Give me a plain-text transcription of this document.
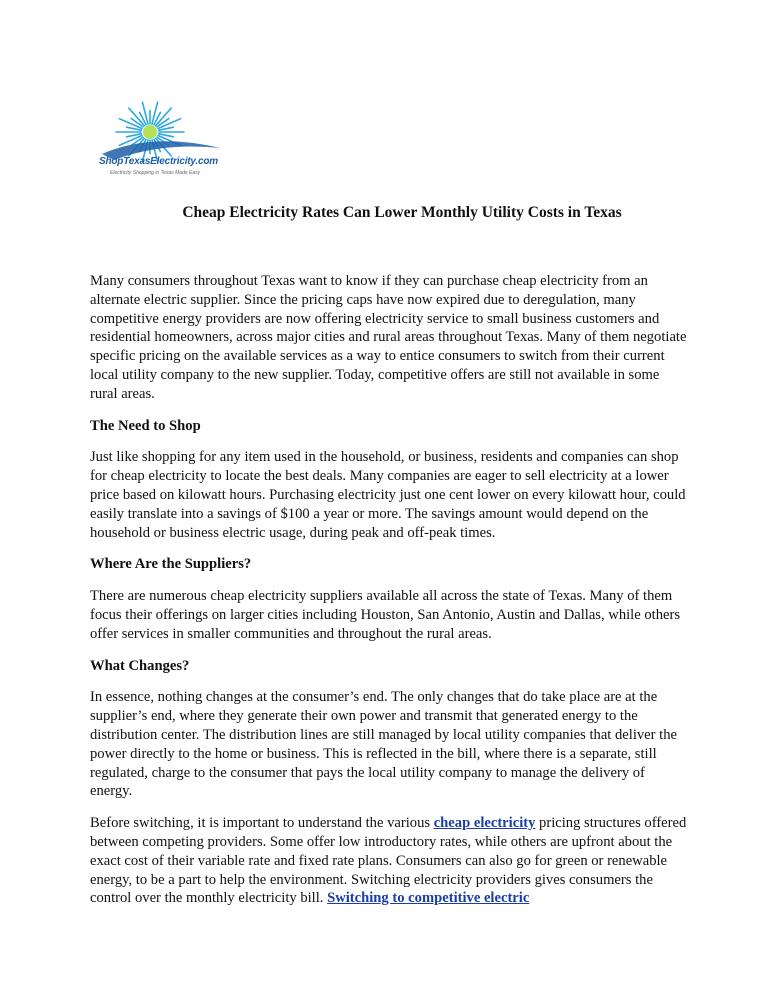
ShopTexasElectricity.com
Electricity Shopping in Texas Made Easy
Cheap Electricity Rates Can Lower Monthly Utility Costs in Texas

Many consumers throughout Texas want to know if they can purchase cheap electricity from an alternate electric supplier. Since the pricing caps have now expired due to deregulation, many competitive energy providers are now offering electricity service to small business customers and residential homeowners, across major cities and rural areas throughout Texas. Many of them negotiate specific pricing on the available services as a way to entice consumers to switch from their current local utility company to the new supplier. Today, competitive offers are still not available in some rural areas.

The Need to Shop

Just like shopping for any item used in the household, or business, residents and companies can shop for cheap electricity to locate the best deals. Many companies are eager to sell electricity at a lower price based on kilowatt hours. Purchasing electricity just one cent lower on every kilowatt hour, could easily translate into a savings of $100 a year or more. The savings amount would depend on the household or business electric usage, during peak and off-peak times.

Where Are the Suppliers?

There are numerous cheap electricity suppliers available all across the state of Texas. Many of them focus their offerings on larger cities including Houston, San Antonio, Austin and Dallas, while others offer services in smaller communities and throughout the rural areas.

What Changes?

In essence, nothing changes at the consumer’s end. The only changes that do take place are at the supplier’s end, where they generate their own power and transmit that generated energy to the distribution center. The distribution lines are still managed by local utility companies that deliver the power directly to the home or business. This is reflected in the bill, where there is a separate, still regulated, charge to the consumer that pays the local utility company to manage the delivery of energy.

Before switching, it is important to understand the various cheap electricity pricing structures offered between competing providers. Some offer low introductory rates, while others are upfront about the exact cost of their variable rate and fixed rate plans. Consumers can also go for green or renewable energy, to be a part to help the environment. Switching electricity providers gives consumers the control over the monthly electricity bill. Switching to competitive electric
